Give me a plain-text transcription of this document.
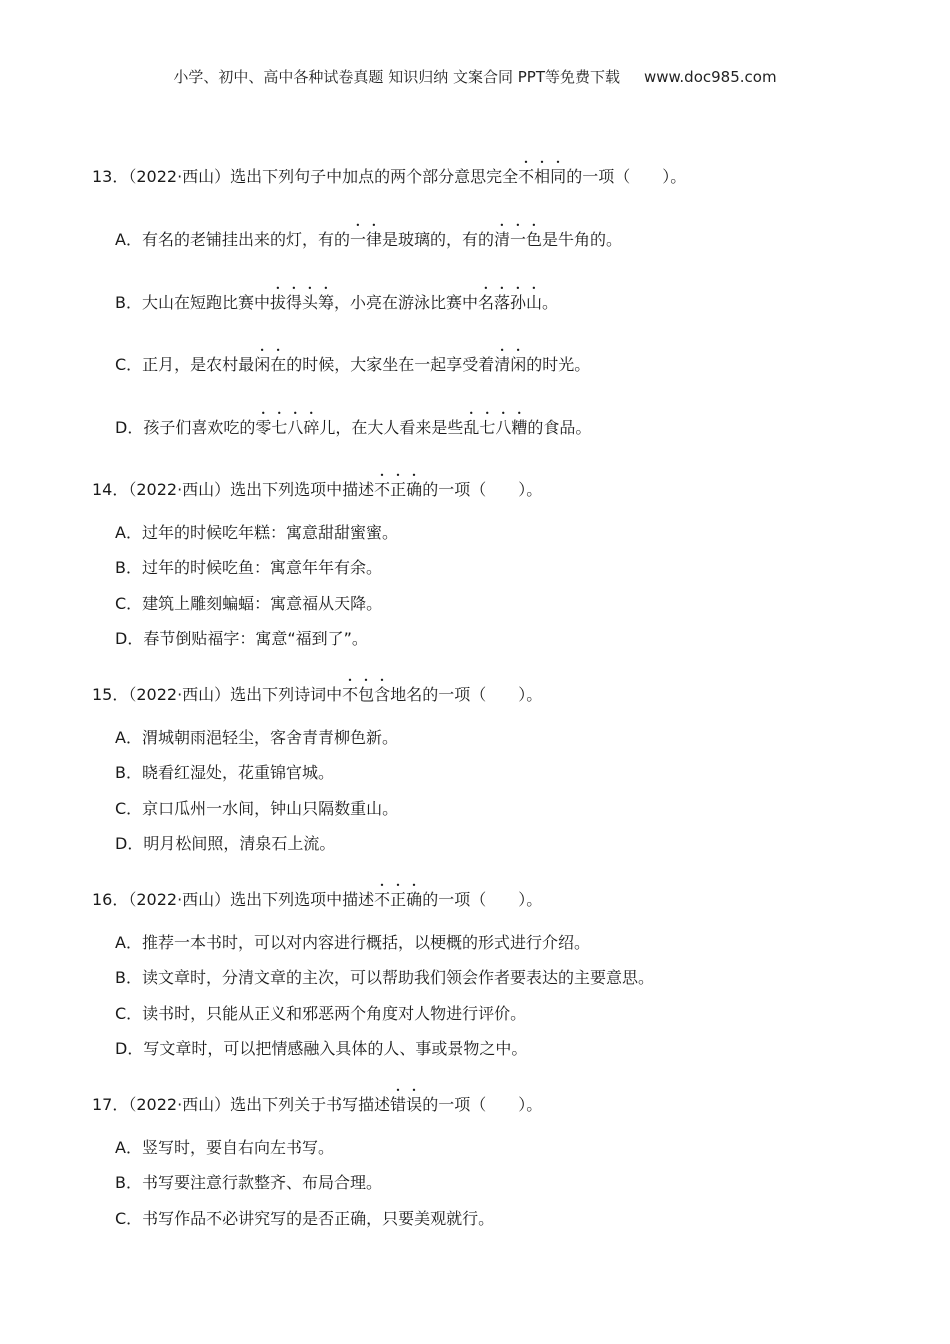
小学、初中、高中各种试卷真题 知识归纳 文案合同 PPT等免费下载 www.doc985.com
13．（2022·西山）选出下列句子中加点的两个部分意思完全不相同的一项（　　）。
A．有名的老铺挂出来的灯，有的一律是玻璃的，有的清一色是牛角的。
B．大山在短跑比赛中拔得头筹，小亮在游泳比赛中名落孙山。
C．正月，是农村最闲在的时候，大家坐在一起享受着清闲的时光。
D．孩子们喜欢吃的零七八碎儿，在大人看来是些乱七八糟的食品。
14．（2022·西山）选出下列选项中描述不正确的一项（　　）。
A．过年的时候吃年糕：寓意甜甜蜜蜜。
B．过年的时候吃鱼：寓意年年有余。
C．建筑上雕刻蝙蝠：寓意福从天降。
D．春节倒贴福字：寓意“福到了”。
15．（2022·西山）选出下列诗词中不包含地名的一项（　　）。
A．渭城朝雨浥轻尘，客舍青青柳色新。
B．晓看红湿处，花重锦官城。
C．京口瓜州一水间，钟山只隔数重山。
D．明月松间照，清泉石上流。
16．（2022·西山）选出下列选项中描述不正确的一项（　　）。
A．推荐一本书时，可以对内容进行概括，以梗概的形式进行介绍。
B．读文章时，分清文章的主次，可以帮助我们领会作者要表达的主要意思。
C．读书时，只能从正义和邪恶两个角度对人物进行评价。
D．写文章时，可以把情感融入具体的人、事或景物之中。
17．（2022·西山）选出下列关于书写描述错误的一项（　　）。
A．竖写时，要自右向左书写。
B．书写要注意行款整齐、布局合理。
C．书写作品不必讲究写的是否正确，只要美观就行。
